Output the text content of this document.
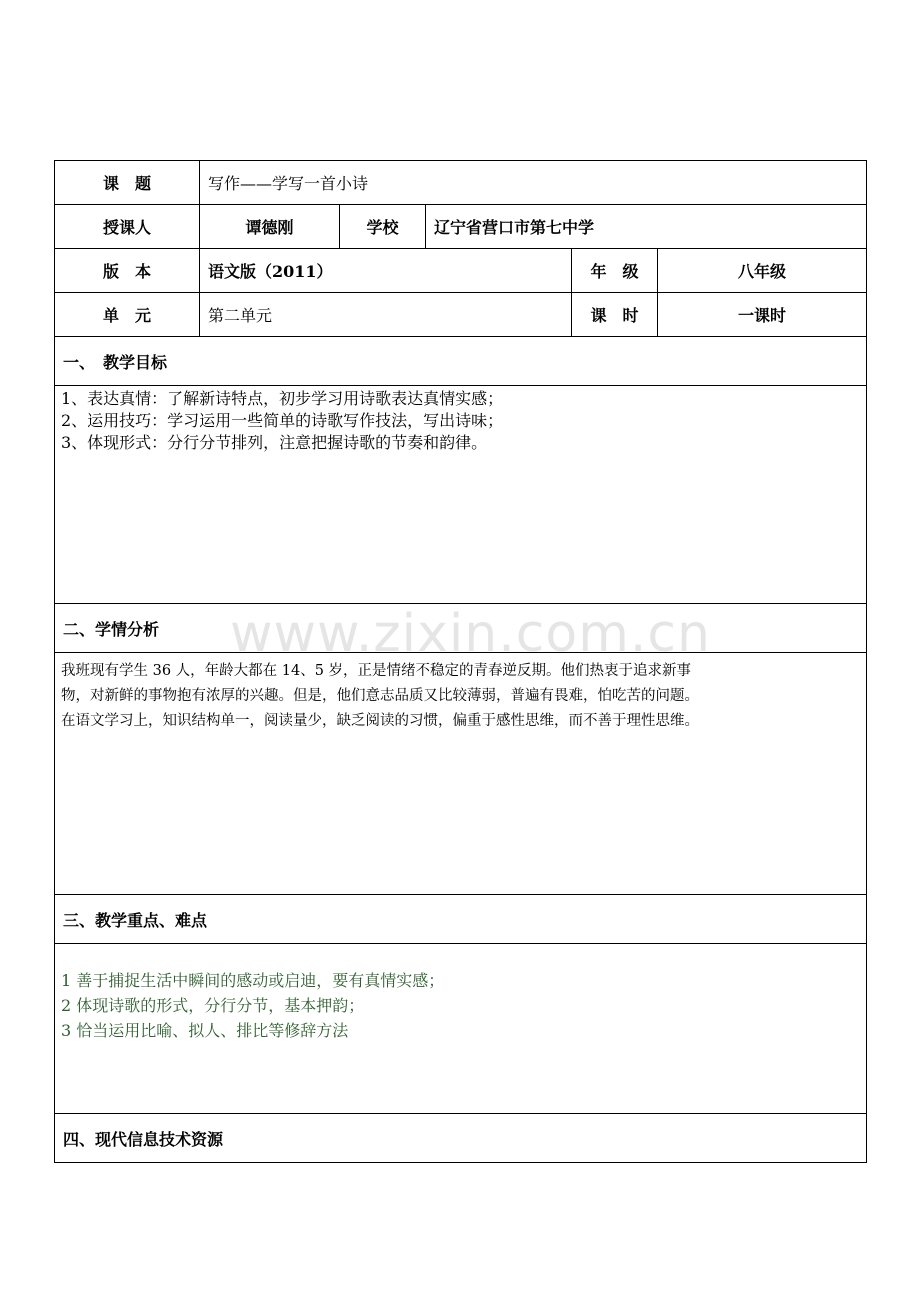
www.zixin.com.cn
课　题	写作——学写一首小诗				
授课人	谭德刚	学校	辽宁省营口市第七中学		
版　本	语文版（2011）			年　级	八年级
单　元	第二单元			课　时	一课时
一、　教学目标					

1、表达真情：了解新诗特点，初步学习用诗歌表达真情实感；
2、运用技巧：学习运用一些简单的诗歌写作技法，写出诗味；
3、体现形式：分行分节排列，注意把握诗歌的节奏和韵律。					

二、学情分析					

我班现有学生 36 人，年龄大都在 14、5 岁，正是情绪不稳定的青春逆反期。他们热衷于追求新事
物，对新鲜的事物抱有浓厚的兴趣。但是，他们意志品质又比较薄弱，普遍有畏难，怕吃苦的问题。
在语文学习上，知识结构单一，阅读量少，缺乏阅读的习惯，偏重于感性思维，而不善于理性思维。					

三、教学重点、难点					

1 善于捕捉生活中瞬间的感动或启迪，要有真情实感；
2 体现诗歌的形式，分行分节，基本押韵；
3 恰当运用比喻、拟人、排比等修辞方法					

四、现代信息技术资源					
